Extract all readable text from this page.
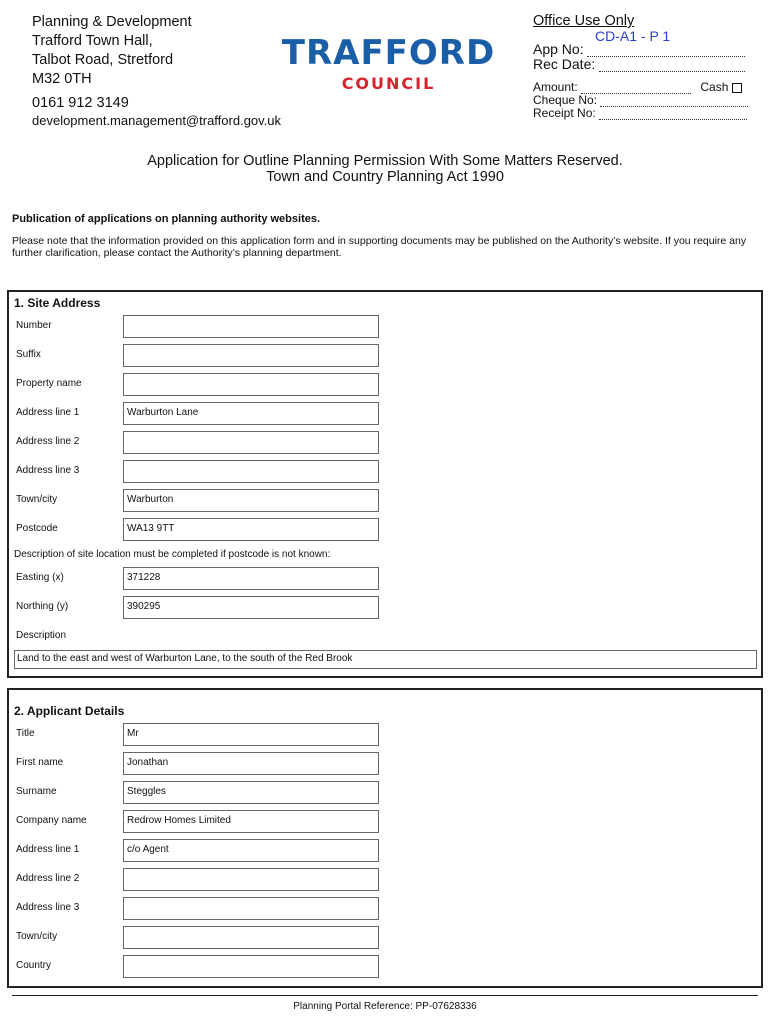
Planning & Development
Trafford Town Hall,
Talbot Road, Stretford
M32 0TH
0161 912 3149
development.management@trafford.gov.uk
TRAFFORD
COUNCIL
Office Use Only
CD-A1 - P 1
App No:
Rec Date:
Amount:	Cash
Cheque No:
Receipt No:
Application for Outline Planning Permission With Some Matters Reserved.
Town and Country Planning Act 1990
Publication of applications on planning authority websites.
Please note that the information provided on this application form and in supporting documents may be published on the Authority’s website. If you require any further clarification, please contact the Authority’s planning department.
1. Site Address
Number
Suffix
Property name
Address line 1	Warburton Lane
Address line 2
Address line 3
Town/city	Warburton
Postcode	WA13 9TT
Description of site location must be completed if postcode is not known:
Easting (x)	371228
Northing (y)	390295
Description
Land to the east and west of Warburton Lane, to the south of the Red Brook
2. Applicant Details
Title	Mr
First name	Jonathan
Surname	Steggles
Company name	Redrow Homes Limited
Address line 1	c/o Agent
Address line 2
Address line 3
Town/city
Country
Planning Portal Reference: PP-07628336
